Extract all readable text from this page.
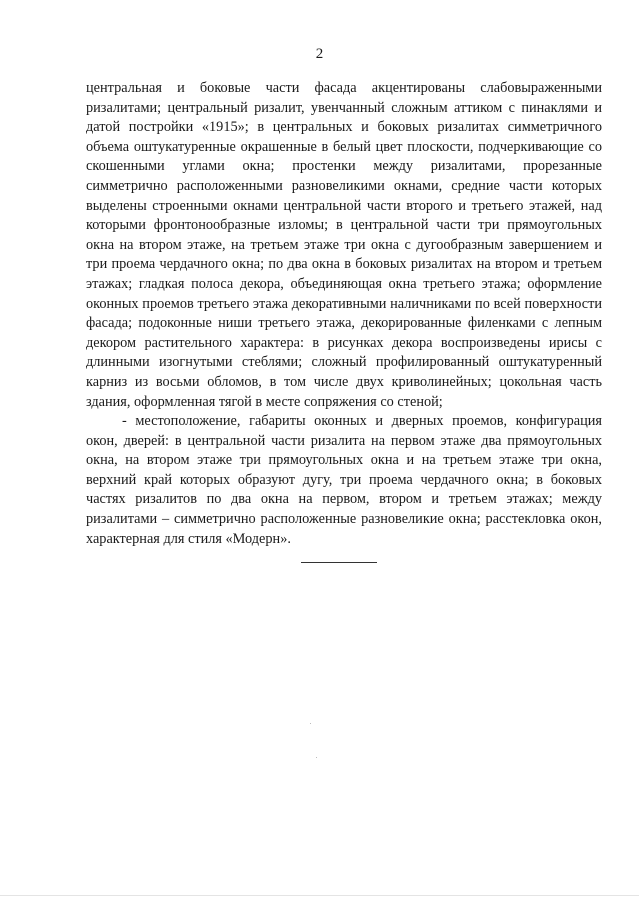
2

центральная и боковые части фасада акцентированы слабовыраженными ризалитами; центральный ризалит, увенчанный сложным аттиком с пинаклями и датой постройки «1915»; в центральных и боковых ризалитах симметричного объема оштукатуренные окрашенные в белый цвет плоскости, подчеркивающие со скошенными углами окна; простенки между ризалитами, прорезанные симметрично расположенными разновеликими окнами, средние части которых выделены строенными окнами центральной части второго и третьего этажей, над которыми фронтонообразные изломы; в центральной части три прямоугольных окна на втором этаже, на третьем этаже три окна с дугообразным завершением и три проема чердачного окна; по два окна в боковых ризалитах на втором и третьем этажах; гладкая полоса декора, объединяющая окна третьего этажа; оформление оконных проемов третьего этажа декоративными наличниками по всей поверхности фасада; подоконные ниши третьего этажа, декорированные филенками с лепным декором растительного характера: в рисунках декора воспроизведены ирисы с длинными изогнутыми стеблями; сложный профилированный оштукатуренный карниз из восьми обломов, в том числе двух криволинейных; цокольная часть здания, оформленная тягой в месте сопряжения со стеной;

- местоположение, габариты оконных и дверных проемов, конфигурация окон, дверей: в центральной части ризалита на первом этаже два прямоугольных окна, на втором этаже три прямоугольных окна и на третьем этаже три окна, верхний край которых образуют дугу, три проема чердачного окна; в боковых частях ризалитов по два окна на первом, втором и третьем этажах; между ризалитами – симметрично расположенные разновеликие окна; расстекловка окон, характерная для стиля «Модерн».
